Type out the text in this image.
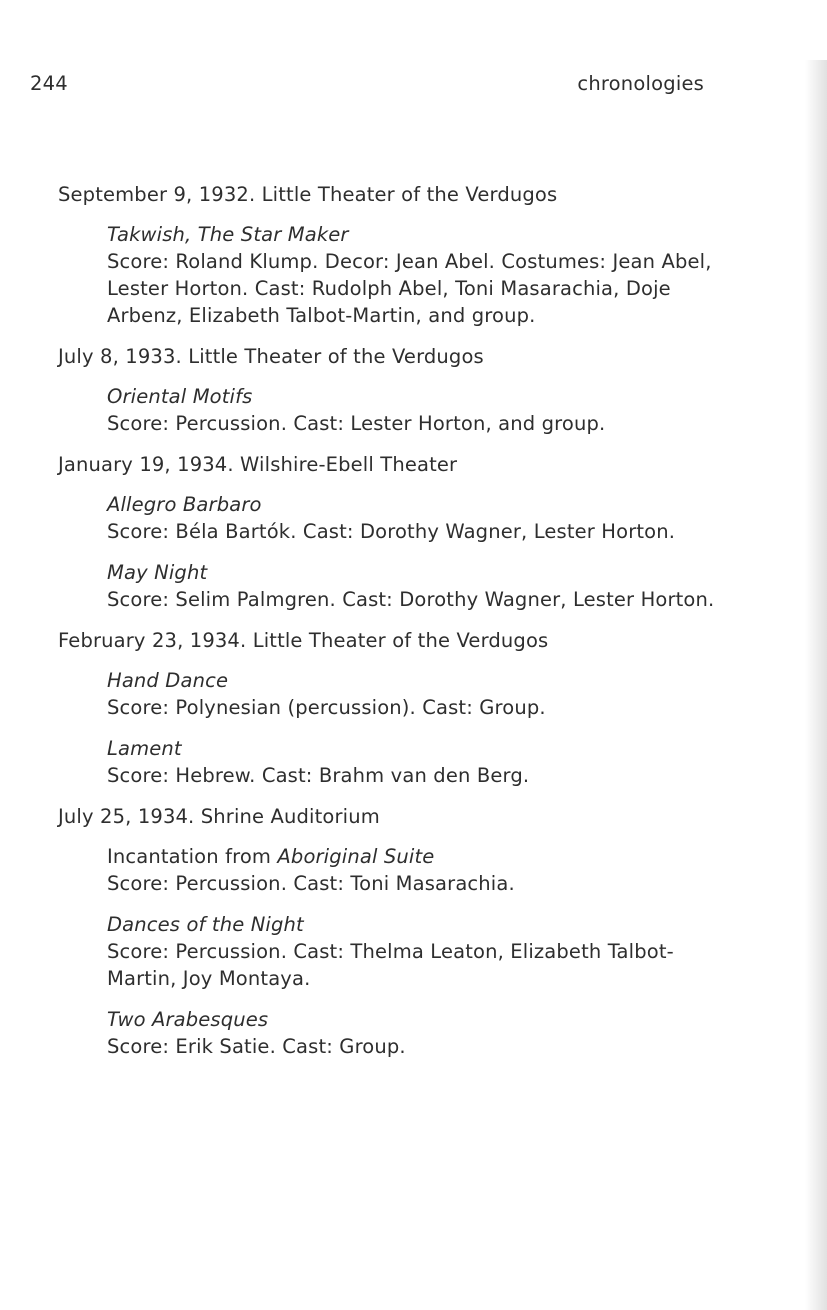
244	chronologies
September 9, 1932. Little Theater of the Verdugos
Takwish, The Star Maker
Score: Roland Klump. Decor: Jean Abel. Costumes: Jean Abel, Lester Horton. Cast: Rudolph Abel, Toni Masarachia, Doje Arbenz, Elizabeth Talbot-Martin, and group.
July 8, 1933. Little Theater of the Verdugos
Oriental Motifs
Score: Percussion. Cast: Lester Horton, and group.
January 19, 1934. Wilshire-Ebell Theater
Allegro Barbaro
Score: Béla Bartók. Cast: Dorothy Wagner, Lester Horton.
May Night
Score: Selim Palmgren. Cast: Dorothy Wagner, Lester Horton.
February 23, 1934. Little Theater of the Verdugos
Hand Dance
Score: Polynesian (percussion). Cast: Group.
Lament
Score: Hebrew. Cast: Brahm van den Berg.
July 25, 1934. Shrine Auditorium
Incantation from Aboriginal Suite
Score: Percussion. Cast: Toni Masarachia.
Dances of the Night
Score: Percussion. Cast: Thelma Leaton, Elizabeth Talbot-Martin, Joy Montaya.
Two Arabesques
Score: Erik Satie. Cast: Group.
